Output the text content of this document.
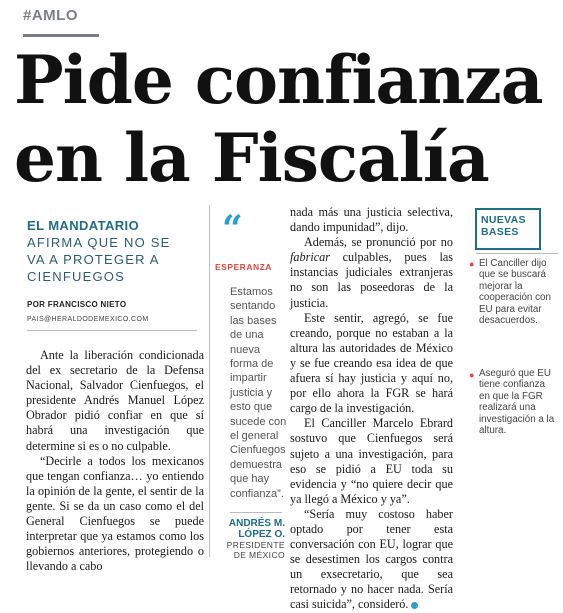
#AMLO
Pide confianza
en la Fiscalía
EL MANDATARIO
AFIRMA QUE NO SE
VA A PROTEGER A
CIENFUEGOS
POR FRANCISCO NIETO
PAIS@HERALDODEMEXICO.COM

Ante la liberación condicionada del ex secretario de la Defensa Nacional, Salvador Cienfuegos, el presidente Andrés Manuel López Obrador pidió confiar en que sí habrá una investigación que determine si es o no culpable.

“Decirle a todos los mexicanos que tengan confianza… yo entiendo la opinión de la gente, el sentir de la gente. Si se da un caso como el del General Cienfuegos se puede interpretar que ya estamos como los gobiernos anteriores, protegiendo o llevando a cabo

“
ESPERANZA
Estamos sentando las bases de una nueva forma de impartir justicia y esto que sucede con el general Cienfuegos demuestra que hay confianza”.
ANDRÉS M.
LÓPEZ O.
PRESIDENTE
DE MÉXICO

nada más una justicia selectiva, dando impunidad”, dijo.

Además, se pronunció por no fabricar culpables, pues las instancias judiciales extranjeras no son las poseedoras de la justicia.

Este sentir, agregó, se fue creando, porque no estaban a la altura las autoridades de México y se fue creando esa idea de que afuera sí hay justicia y aquí no, por ello ahora la FGR se hará cargo de la investigación.

El Canciller Marcelo Ebrard sostuvo que Cienfuegos será sujeto a una investigación, para eso se pidió a EU toda su evidencia y “no quiere decir que ya llegó a México y ya”.

“Sería muy costoso haber optado por tener esta conversación con EU, lograr que se desestimen los cargos contra un exsecretario, que sea retornado y no hacer nada. Sería casi suicida”, consideró.

NUEVAS
BASES
● El Canciller dijo que se buscará mejorar la cooperación con EU para evitar desacuerdos.
● Aseguró que EU tiene confianza en que la FGR realizará una investigación a la altura.
